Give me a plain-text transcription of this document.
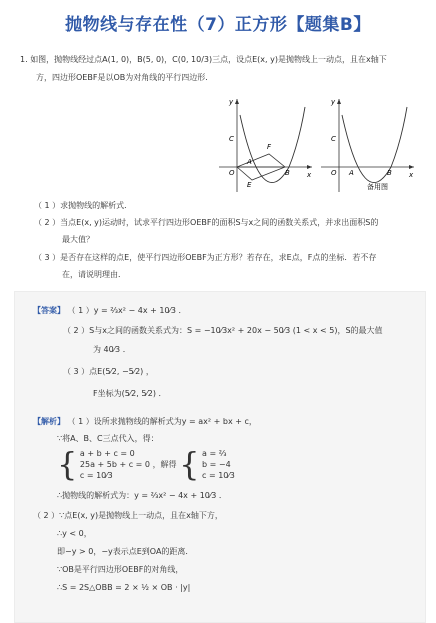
抛物线与存在性（7）正方形【题集B】
1. 如图，抛物线经过点A(1, 0)，B(5, 0)，C(0, 10/3)三点，设点E(x, y)是抛物线上一动点，且在x轴下
方，四边形OEBF是以OB为对角线的平行四边形．
y
x
O
A
B
C
E
F
y
x
O A	B
C
备用图
（ 1 ）求抛物线的解析式．
（ 2 ）当点E(x, y)运动时，试求平行四边形OEBF的面积S与x之间的函数关系式，并求出面积S的
最大值？
（ 3 ）是否存在这样的点E，使平行四边形OEBF为正方形？若存在，求E点，F点的坐标．若不存
在，请说明理由．
【答案】 （ 1 ）y = ⅔x² − 4x + 10⁄3 ．
（ 2 ）S与x之间的函数关系式为：S = −10⁄3x² + 20x − 50⁄3 (1 < x < 5)，S的最大值
为 40⁄3 ．
（ 3 ）点E(5⁄2, −5⁄2) ，
F坐标为(5⁄2, 5⁄2) ．
【解析】 （ 1 ）设所求抛物线的解析式为y = ax² + bx + c，
∵将A、B、C三点代入，得：
{ a + b + c = 0
25a + 5b + c = 0
c = 10⁄3
，解得 { a = ⅔
b = −4
c = 10⁄3
∴抛物线的解析式为：y = ⅔x² − 4x + 10⁄3 ．
（ 2 ）∵点E(x, y)是抛物线上一动点，且在x轴下方，
∴y < 0，
即−y > 0，−y表示点E到OA的距离．
∵OB是平行四边形OEBF的对角线，
∴S = 2S△OBB = 2 × ½ × OB · |y|
